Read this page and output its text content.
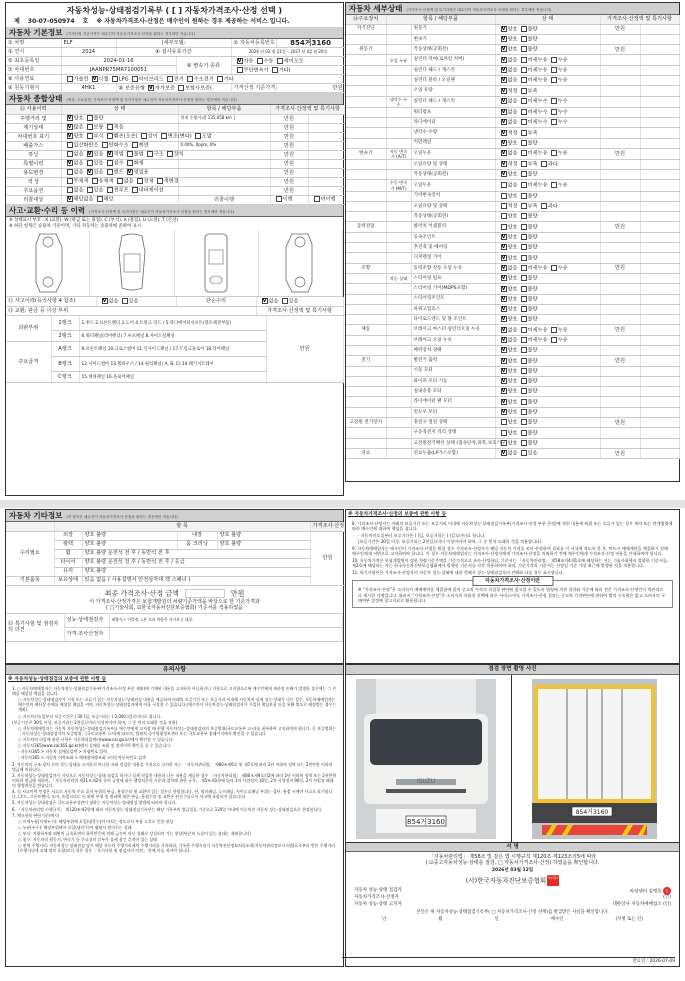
자동차성능·상태점검기록부 ( [ ] 자동차가격조사·산정 선택 )
제 30-07-050974 호 ※ 자동차가격조사·산정은 매수인이 원하는 경우 제공하는 서비스 입니다.
자동차 기본정보 (가격산정 기준가격은 매수인이 자동차가격조사·산정을 원하는 경우에만 적습니다)
① 차명	ELF	(세부모델:	② 자동차등록번호	854거3160
③ 연식	2024	④ 검사유효기간	2026 년 02 월 21일 – 2027 년 02 월 20일
⑤ 최초등록일	2024-01-16	⑥ 변속기 종류	V 자동 수동 세미오토
⑦ 차대번호	JAANPR75MR7100051	무단변속기 기타(
⑧ 사용연료	가솔린 V 디젤 LPG 하이브리드 전기 수소전기 기타
⑨ 원동기형식	4HK1	⑩ 보증유형 V 자가보증 보험사보증(	가격산정 기준가격	만원
자동차 종합상태 (색상, 주요옵션, 가격조사·산정액 및 특기사항은 매수인이 자동차가격조사·산정을 원하는 경우에만 적습니다)
⑪ 사용이력	상 태	항목 / 해당부품	가격조사·산정액 및 특기사항
주행거리 및	V 양호 불량	현재 주행거리[ 135,058 km ]	만원	
계기상태	V 많음 보통 적음		만원	
차대번호 표기	V 양호 부식 훼손(오손) 상이 변조(변타) 도말		만원	
배출가스	일산화탄소 탄화수소 매연	0.00%, 0ppm, 0%	만원	
튜닝	없음 V 있음 V 적법 불법 구조 장치		만원	
특별이력	V 없음 있음 침수 화재		만원	
용도변경	없음 V 있음 렌트 V 영업용		만원	
색 상	무채색 유채색 없음 전체 색변경		만원	
주요옵션	없음 있음 썬루프 내비게이션		만원	
리콜대상	V 해당없음 해당	리콜이행	이행	미이행
사고·교환·수리 등 이력 (가격조사·산정액 및 특기사항은 매수인이 자동차가격조사·산정을 원하는 경우에만 적습니다)
※ 상태표시 부호 : X (교환), W (판금 또는 용접), C (부식), A (흠집), U (요철), T (손상)
※ 하단 항목은 승용차 기준이며, 기타 자동차는 승용차에 준하여 표시
⑫ 사고이력(유의사항 4 참조)	V 없음 있음	단순수리	V 없음 있음
⑬ 교환, 판금 등 이상 부위	가격조사·산정액 및 특기사항
외판부위	1랭크	1.후드 2.프론트펜더 3.도어 4.트렁크 리드 / 5.라디에이터서포트(볼트체결부품)	만원
2랭크	6.쿼터패널(리어펜더) 7.루프패널 8.사이드실패널
주요골격	A랭크	9.프론트패널 10.크로스멤버 11.인사이드패널 / 17.트렁크플로어 18.리어패널
B랭크	12.사이드멤버 13.휠하우스 / 14.필러패널( A, B, C) 19.패키지트레이
C랭크	15.대쉬패널 16.플로어패널
자동차 세부상태 (가격조사·산정액 및 특기사항은 매수인이 자동차가격조사·산정을 원하는 경우에만 적습니다)
⑭주요장치	항목 / 해당부품	상 태	가격조사·산정액 및 특기사항
자기진단		원동기	V 양호 불량	만원	
		변속기	V 양호 불량		
원동기		작동상태(공회전)	V 양호 불량	만원	
	오일 누유	실린더 커버(로커암 커버)	V 없음 미세누유 누유		
		실린더 헤드 / 개스킷	V 없음 미세누유 누유		
		실린더 블록 / 오일팬	V 없음 미세누유 누유		
		오일 유량	V 적정 부족		
	냉각수 누수	실린더 헤드 / 개스킷	V 없음 미세누수 누수		
		워터펌프	V 없음 미세누수 누수		
		라디에이터	V 없음 미세누수 누수		
		냉각수 수량	V 적정 부족		
		커먼레일	V 양호 불량		
변속기	자동 변속기 (A/T)	오일누유	V 없음 미세누유 누유	만원	
		오일유량 및 상태	V 적정 부족 과다		
		작동상태(공회전)	V 양호 불량		
	수동 변속기 (M/T)	오일누유	없음 미세누유 누유		
		기어변속장치	양호 불량		
		오일유량 및 상태	적정 부족 과다		
		작동상태(공회전)	양호 불량		
동력전달		클러치 어셈블리	양호 불량	만원	
		등속조인트	V 양호 불량		
		추진축 및 베어링	V 양호 불량		
		디퍼렌셜 기어	V 양호 불량		
조향		동력조향 작동 오일 누유	V 없음 미세누유 누유	만원	
	작동 상태	스티어링 펌프	V 양호 불량		
		스티어링 기어(MDPS포함)	V 양호 불량		
		스티어링조인트	V 양호 불량		
		파워고압호스	V 양호 불량		
		타이로드엔드 및 볼 조인트	V 양호 불량		
제동		브레이크 마스터 실린더오일 누유	V 없음 미세누유 누유	만원	
		브레이크 오일 누유	V 없음 미세누유 누유		
		배력장치 상태	V 양호 불량		
전기		발전기 출력	V 양호 불량	만원	
		시동 모터	V 양호 불량		
		와이퍼 모터 기능	V 양호 불량		
		실내송풍 모터	V 양호 불량		
		라디에이터 팬 모터	V 양호 불량		
		윈도우 모터	V 양호 불량		
고전원 전기장치		충전구 절연 상태	양호 불량	만원	
		구동축전지 격리 상태	양호 불량		
		고전원전기배선 상태 (접속단자,피복,보호기구)	양호 불량		
연료		연료누출(LP가스포함)	V 없음 있음	만원	
자동차 기타정보 (이 항목은 매수인이 자동차가격조사·산정을 원하는 경우에만 적습니다)
	항 목	가격조사·산정
수리필요	외장	양호 불량	내장	양호 불량	만원
광택	양호 불량	룸 크리닝	양호 불량
휠	양호 불량 운전석 전 후 / 동반석 전 후
타이어	양호 불량 운전석 전 후 / 동반석 전 후 / 응급
유리	양호 불량
기본품목	보유상태	있음 없음 ( 사용설명서 안전삼각대 잭 스패너 )
최종 가격조사·산정 금액	만원
이 가격조사·산정가격은 보험개발원의 차량기준가액을 바탕으로 한 기준가격과
( □기술사회, ☑한국자동차진단보증협회) 기준서를 적용하였음
⑮ 특기사항 및 점검자의 의견	성능·상태점검자	배출가스 미측정. 1톤 초과 차량은 자가보증 대상.
가격·조사산정자	
※ 자동차가격조사·산정의 보증에 관한 사항 등

8. 가격조사·산정자는 아래의 보증기간 또는 보증거리 이내에 자동차성능·상태점검기록부(가격조사·산정 부분 한정)에 적힌 내용에 허위 또는 오류가 있는 경우 계약 또는 관계법령에 따라 매수인에 대하여 책임을 집니다.

· 자동차인도일부터 보증기간은 ( )일, 보증거리는 ( )킬로미터로 합니다.

(보증기간은 30일 이상, 보증거리는 2천킬로미터 이상이어야 하며, 그 중 먼저 도래한 것을 적용합니다)

9. 자동차매매업자는 매수인이 가격조사·산정을 원할 경우 가격조사·산정자가 해당 자동차 가격을 조사·산정하여 결과를 이 서식에 적도록 한 후, 반드시 매매계약을 체결하기 전에 매수인에게 서면으로 고지하여야 합니다. 이 경우 자동차매매업자는 가격조사·산정자에게 가격조사·산정을 의뢰하기 전에 매수인에게 가격조사·산정 비용을 안내하여야 합니다.

10. 자동차가격은 보험개발원이 정한 차량기준가액을 기준가격으로 조사·산정하되, 기준서는 「자동차관리법」 제58조의4제1호에 해당하는 자는 기술사회에서 발행한 기준서를, 제2호에 해당하는 자는 한국자동차진단보증협회에서 발행한 기준서를 각각 적용하여야 하며, 기준가격과 기준서는 산정일 기준 가장 최근에 발행된 것을 적용합니다.

11. 특기사항란은 가격조사·산정자의 자동차 성능·상태에 대한 견해가 성능·상태점검자의 견해와 다를 경우 표시합니다.

자동차가격조사·산정이란
※ “가격조사·산정”은 소비자가 매매계약을 체결함에 있어 중고차 가격의 적절성 판단에 참고할 수 있도록 법령에 의한 절차와 기준에 따라 전문 가격조사·산정인이 객관적으로 제시한 가액입니다. 따라서 “가격조사·산정”은 소비자의 자율적 선택에 따른 서비스이며, 가격조사·산정 결과는 중고차 가격판단에 관하여 법적 구속력은 없고 소비자의 구매여부 결정에 참고자료로 활용됩니다.
유의사항
※ 자동차성능·상태점검의 보증에 관한 사항 등

1. ○ 자동차매매업자는 자동차성능·상태점검기록부(가격조사·산정 부분 제외)에 기재된 내용을 고지하지 아니하거나 거짓으로 고지함으로써 매수인에게 재산상 손해가 발생한 경우에는 그 손해를 배상할 책임을 집니다.

○ 자동차성능·상태점검자가 거짓 또는 오류가 있는 자동차성능·상태점검 내용을 제공하여 아래의 보증기간 또는 보증거리 이내에 자동차의 실제 성능·상태가 다른 경우, 자동차매매업자는 매수인의 재산상 손해를 배상할 책임을 지며, 자동차성능·상태점검자에게 이를 구상할 수 있습니다.(매수인이 자동차성능·상태점검자가 가입한 책임보험 등을 통해 별도로 배상받는 경우는 제외)

○ 자동차인도일부터 보증기간은 ( 30 )일, 보증거리는 ( 2,000 )킬로미터로 합니다.

(보증기간은 30일 이상, 보증거리는 2천킬로미터 이상이어야 하며, 그 중 먼저 도래한 것을 적용)

○ 자동차매매업자는 자동차 자동차성능·상태점검기록부를 매수인에게 고지할 때 현행 자동차성능·상태점검자의 보증범위(국토교통부 고시)를 첨부하여 고지하여야 합니다. 동 보증범위는 「자동차성능·상태점검자의 보증범위」(국토교통부 고시)에 따르며, 법제처 국가법령정보센터 또는 국토교통부 홈페이지에서 확인할 수 있습니다.

○ 자동차의 리콜에 관한 사항은 자동차리콜센터(www.car.go.kr)에서 확인할 수 있습니다.

○ 자동차365(www.car365.go.kr)에서 실매물 조회 및 정비이력 확인을 할 수 있습니다.

- 자동차365 > 자동차 실매물검색 > 차량번호 입력

- 자동차365 > 자동차 이력조회 > 매매용차량조회 >자동차등록번호 검색

2. 자동차의 구조·장치 등의 성능·상태를 고지하지 아니한 자와 점검한 내용을 거짓으로 고지한 자는 「자동차관리법」 제80조제6호 및 제7호에 따라 2년 이하의 징역 또는 2천만원 이하의 벌금에 처합니다.

3. 자동차성능·상태점검자가 거짓으로 자동차성능·상태 점검을 하거나 실제 점검한 내용과 다른 내용을 제공한 경우 「자동차관리법」 제80조제9호의2에 따라 2년 이하의 징역 또는 2천만원 이하의 벌금에 처하며, 「자동차관리법 제21조제2항 등의 규정에 따른 행정처분의 기준과 절차에 관한 규칙」 제5조제1항에 따라 1차 사업정지 30일, 2차 사업정지 90일, 3차 사업장 폐쇄의 행정처분을 받습니다.

4. ⑫ 사고이력 인정은 사고로 자동차 주요 골격 부위의 판금, 용접수리 및 교환이 있는 경우로 한정합니다. 단, 쿼터패널, 루프패널, 사이드실패널 부위는 절단, 용접 시에만 사고로 표기합니다. (후드, 프론트펜더, 도어, 트렁크리드 등 외판 부위 및 범퍼에 대한 판금, 용접수리 및 교환은 단순수리로서 사고에 포함되지 않습니다)

5. 자동차성능·상태점검은 국토교통부장관이 정하는 자동차성능·상태점검 방법에 따라야 합니다.

6. 「자동차관리법 시행규칙」 제120조제2항에 따라 자동차성능·상태점검기록부는 해당 기록부의 발급일을 기준으로 120일 이내에 이루어진 자동차 성능·상태점검으로 한정합니다.

7. 체크항목 판단기준(예시)

○ 미세누유(미세누수): 해당부위에 오일(냉각수)이 비치는 정도로서 부품 노후로 인한 현상

○ 누유(누수): 해당부위에서 오일(냉각수)이 맺혀서 떨어지는 상태

○ 부식: 차량하부와 외판의 금속표면이 화학반응에 의해 금속이 아닌 상태로 상실되어 가는 현상(단순히 녹슬어 있는 상태는 제외합니다)

○ 침수: 자동차의 원동기, 변속기 등 주요장치 일부가 물에 잠긴 흔적이 있는 상태

○ 현재 주행거리: 자동차성능·상태점검 당시 해당 자동차 주행거리계의 주행거리를 기록하되, 기록한 주행거리가 자동차전산정보처리조직(자동차관리정보시스템)으로부터 받은 주행거리(주행거리계 교체 정보 포함)보다 적은 경우 「특기사항 및 점검자의 의견」 란에 이를 적어야 합니다.

점검 장면 촬영 사진
854거3160
ISUZU
854거3160
서 명
「자동차관리법」 제58조 및 같은 법 시행규칙 제120조·제123조의5에 따라
( ☑중고자동차성능·상태를 점검, □ 자동차가격조사·산정) 하였음을 확인합니다.
2026년 03월 12일
(사)한국자동차진단보증협회한국자동차진단보증협회
자동차 성능·상태 점검자	라성센터 김명호 인
자동차가격조사·산정자	(인)
자동차 성능·상태 고지자	대한상사 자동차매매업소 (인)
본인은 위 자동차성능·상태점검기록부( □ 자동차가격조사·산정 선택)를 발급받은 사실을 확인합니다.
년	월	일	매수인	(서명 또는 인)
만료일 : 2026-07-09
